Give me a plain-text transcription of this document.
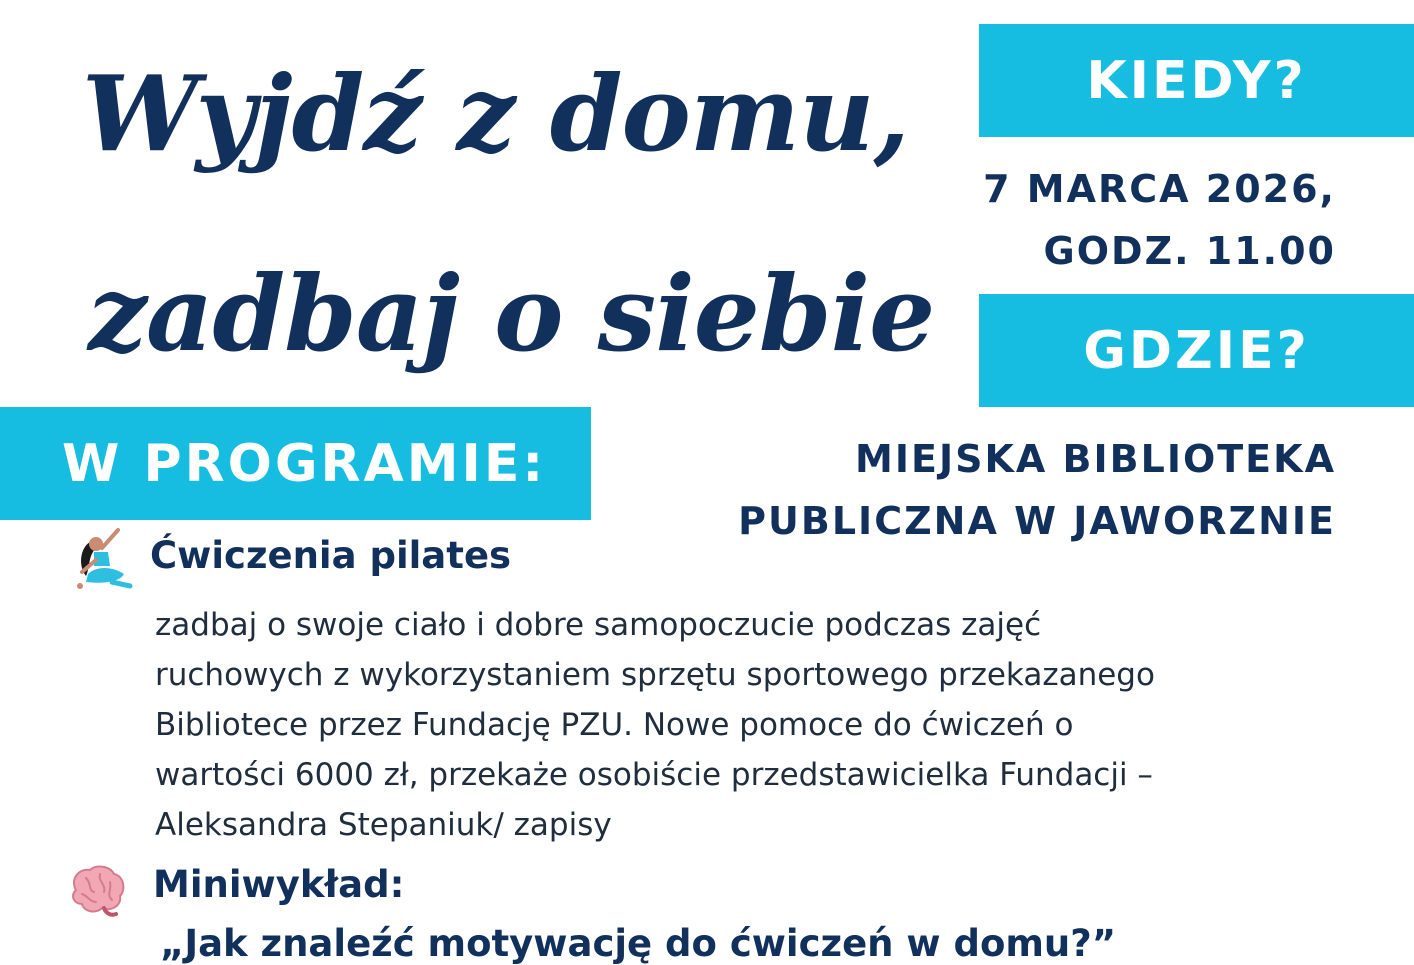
Wyjdź z domu,
zadbaj o siebie
KIEDY?

7 MARCA 2026,
GODZ. 11.00

GDZIE?

MIEJSKA BIBLIOTEKA
PUBLICZNA W JAWORZNIE

W PROGRAMIE:
Ćwiczenia pilates

zadbaj o swoje ciało i dobre samopoczucie podczas zajęć
ruchowych z wykorzystaniem sprzętu sportowego przekazanego
Bibliotece przez Fundację PZU. Nowe pomoce do ćwiczeń o
wartości 6000 zł, przekaże osobiście przedstawicielka Fundacji –
Aleksandra Stepaniuk/ zapisy

Miniwykład:

„Jak znaleźć motywację do ćwiczeń w domu?”
